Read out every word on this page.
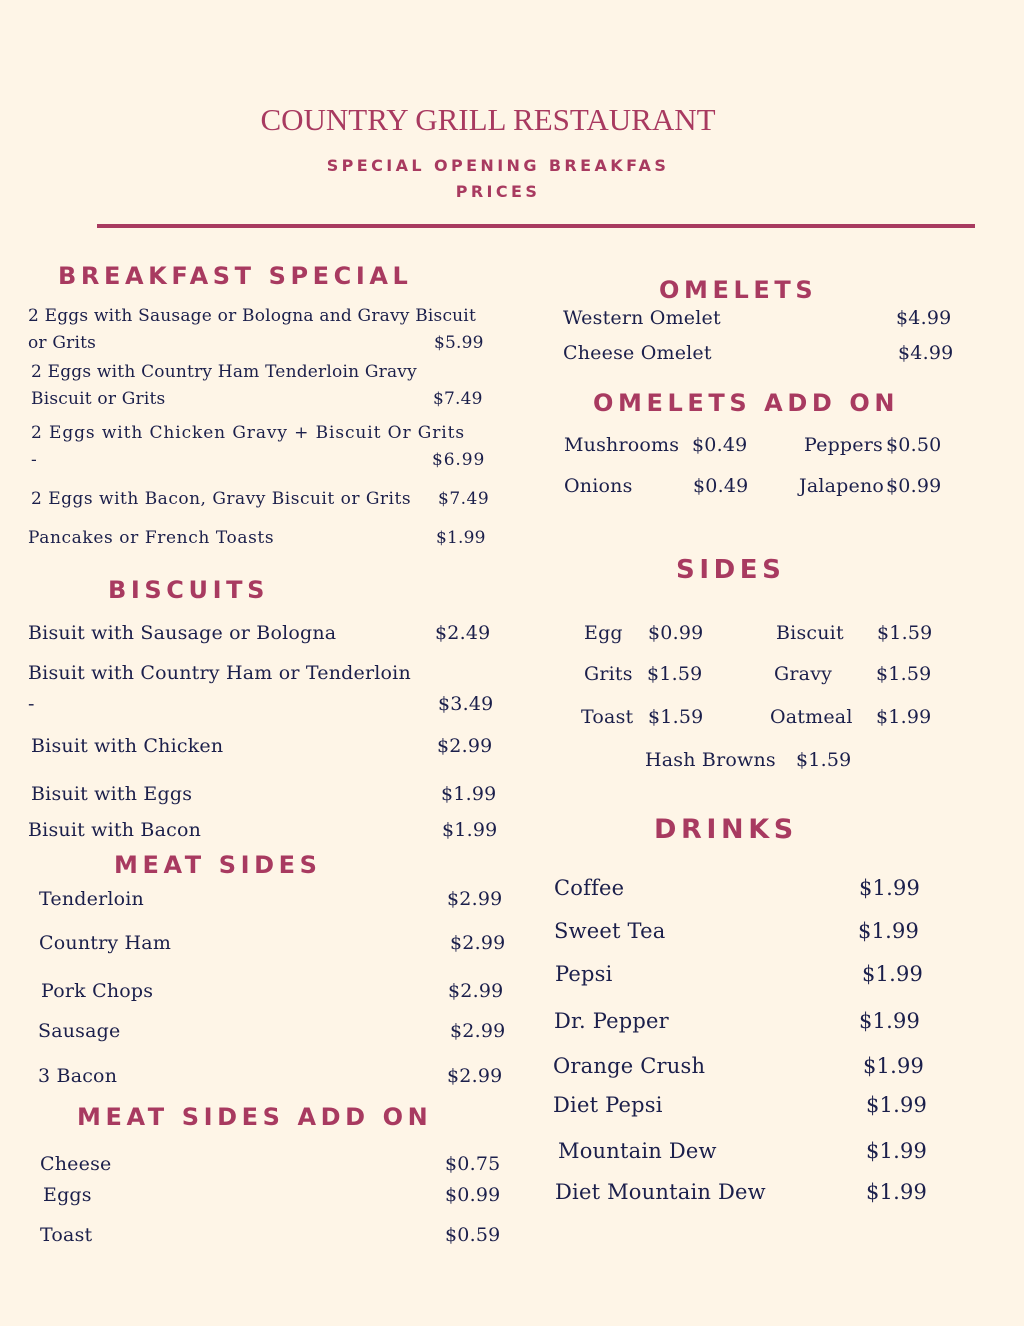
COUNTRY GRILL RESTAURANT
SPECIAL OPENING BREAKFAS
PRICES
BREAKFAST SPECIAL
2 Eggs with Sausage or Bologna and Gravy Biscuit
or Grits	$5.99
2 Eggs with Country Ham Tenderloin Gravy
Biscuit or Grits	$7.49
2 Eggs with Chicken Gravy + Biscuit Or Grits
-	$6.99
2 Eggs with Bacon, Gravy Biscuit or Grits $7.49
Pancakes or French Toasts	$1.99
BISCUITS
Bisuit with Sausage or Bologna	$2.49
Bisuit with Country Ham or Tenderloin
-	$3.49
Bisuit with Chicken	$2.99
Bisuit with Eggs	$1.99
Bisuit with Bacon	$1.99
MEAT SIDES
Tenderloin	$2.99
Country Ham	$2.99
Pork Chops	$2.99
Sausage	$2.99
3 Bacon	$2.99
MEAT SIDES ADD ON
Cheese	$0.75
Eggs	$0.99
Toast	$0.59
OMELETS
Western Omelet	$4.99
Cheese Omelet	$4.99
OMELETS ADD ON
Mushrooms $0.49	Peppers $0.50
Onions	$0.49	Jalapeno $0.99
SIDES
Egg $0.99	Biscuit $1.59
Grits $1.59	Gravy $1.59
Toast $1.59	Oatmeal $1.99
Hash Browns $1.59
DRINKS
Coffee	$1.99
Sweet Tea	$1.99
Pepsi	$1.99
Dr. Pepper	$1.99
Orange Crush	$1.99
Diet Pepsi	$1.99
Mountain Dew	$1.99
Diet Mountain Dew	$1.99
